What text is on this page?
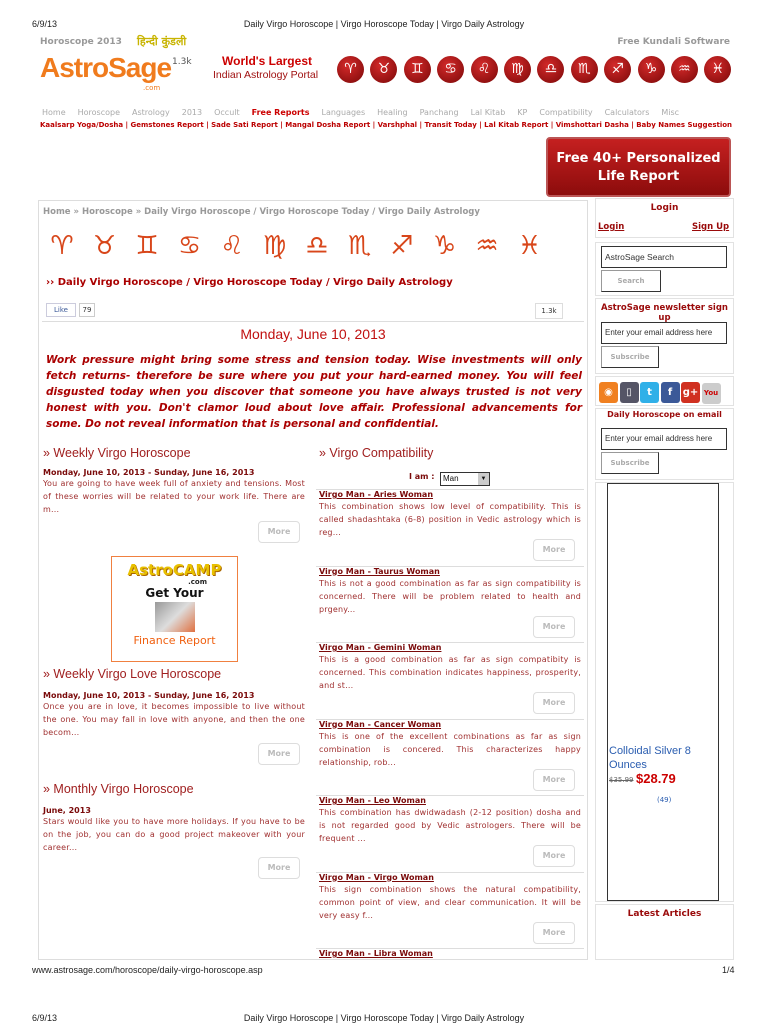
6/9/13	Daily Virgo Horoscope | Virgo Horoscope Today | Virgo Daily Astrology
Horoscope 2013 हिन्दी कुंडली	Free Kundali Software
AstroSage
.com
1.3k	World's Largest
Indian Astrology Portal	♈ ♉ ♊ ♋ ♌ ♍ ♎ ♏ ♐ ♑ ♒ ♓
Home Horoscope Astrology 2013 Occult Free Reports Languages Healing Panchang Lal Kitab KP Compatibility Calculators Misc
Kaalsarp Yoga/Dosha | Gemstones Report | Sade Sati Report | Mangal Dosha Report | Varshphal | Transit Today | Lal Kitab Report | Vimshottari Dasha | Baby Names Suggestion
Free 40+ Personalized
Life Report
Home » Horoscope » Daily Virgo Horoscope / Virgo Horoscope Today / Virgo Daily Astrology
♈ ♉ ♊ ♋ ♌ ♍ ♎ ♏ ♐ ♑ ♒ ♓
›› Daily Virgo Horoscope / Virgo Horoscope Today / Virgo Daily Astrology
Like	79	1.3k
Monday, June 10, 2013
Work pressure might bring some stress and tension today. Wise investments will only fetch returns- therefore be sure where you put your hard-earned money. You will feel disgusted today when you discover that someone you have always trusted is not very honest with you. Don't clamor loud about love affair. Professional advancements for some. Do not reveal information that is personal and confidential.
» Weekly Virgo Horoscope
Monday, June 10, 2013 - Sunday, June 16, 2013
You are going to have week full of anxiety and tensions. Most of these worries will be related to your work life. There are m...
More
AstroCAMP
.com
Get Your
Finance Report
» Weekly Virgo Love Horoscope
Monday, June 10, 2013 - Sunday, June 16, 2013
Once you are in love, it becomes impossible to live without the one. You may fall in love with anyone, and then the one becom...
More
» Monthly Virgo Horoscope
June, 2013
Stars would like you to have more holidays. If you have to be on the job, you can do a good project makeover with your career...
More
» Virgo Compatibility
I am :	Man	▼
Virgo Man - Aries Woman
This combination shows low level of compatibility. This is called shadashtaka (6-8) position in Vedic astrology which is reg...
More
Virgo Man - Taurus Woman
This is not a good combination as far as sign compatibility is concerned. There will be problem related to health and prgeny...
More
Virgo Man - Gemini Woman
This is a good combination as far as sign compatibity is concerned. This combination indicates happiness, prosperity, and st...
More
Virgo Man - Cancer Woman
This is one of the excellent combinations as far as sign combination is concered. This characterizes happy relationship, rob...
More
Virgo Man - Leo Woman
This combination has dwidwadash (2-12 position) dosha and is not regarded good by Vedic astrologers. There will be frequent ...
More
Virgo Man - Virgo Woman
This sign combination shows the natural compatibility, common point of view, and clear communication. It will be very easy f...
More
Virgo Man - Libra Woman
Login
Login	Sign Up
AstroSage Search
Search
AstroSage newsletter sign up
Enter your email address here
Subscribe
◉ ▯ t f g+ You
Daily Horoscope on email
Enter your email address here
Subscribe
Colloidal Silver 8 Ounces
$35.99 $28.79
(49)
Latest Articles
www.astrosage.com/horoscope/daily-virgo-horoscope.asp	1/4
6/9/13	Daily Virgo Horoscope | Virgo Horoscope Today | Virgo Daily Astrology
